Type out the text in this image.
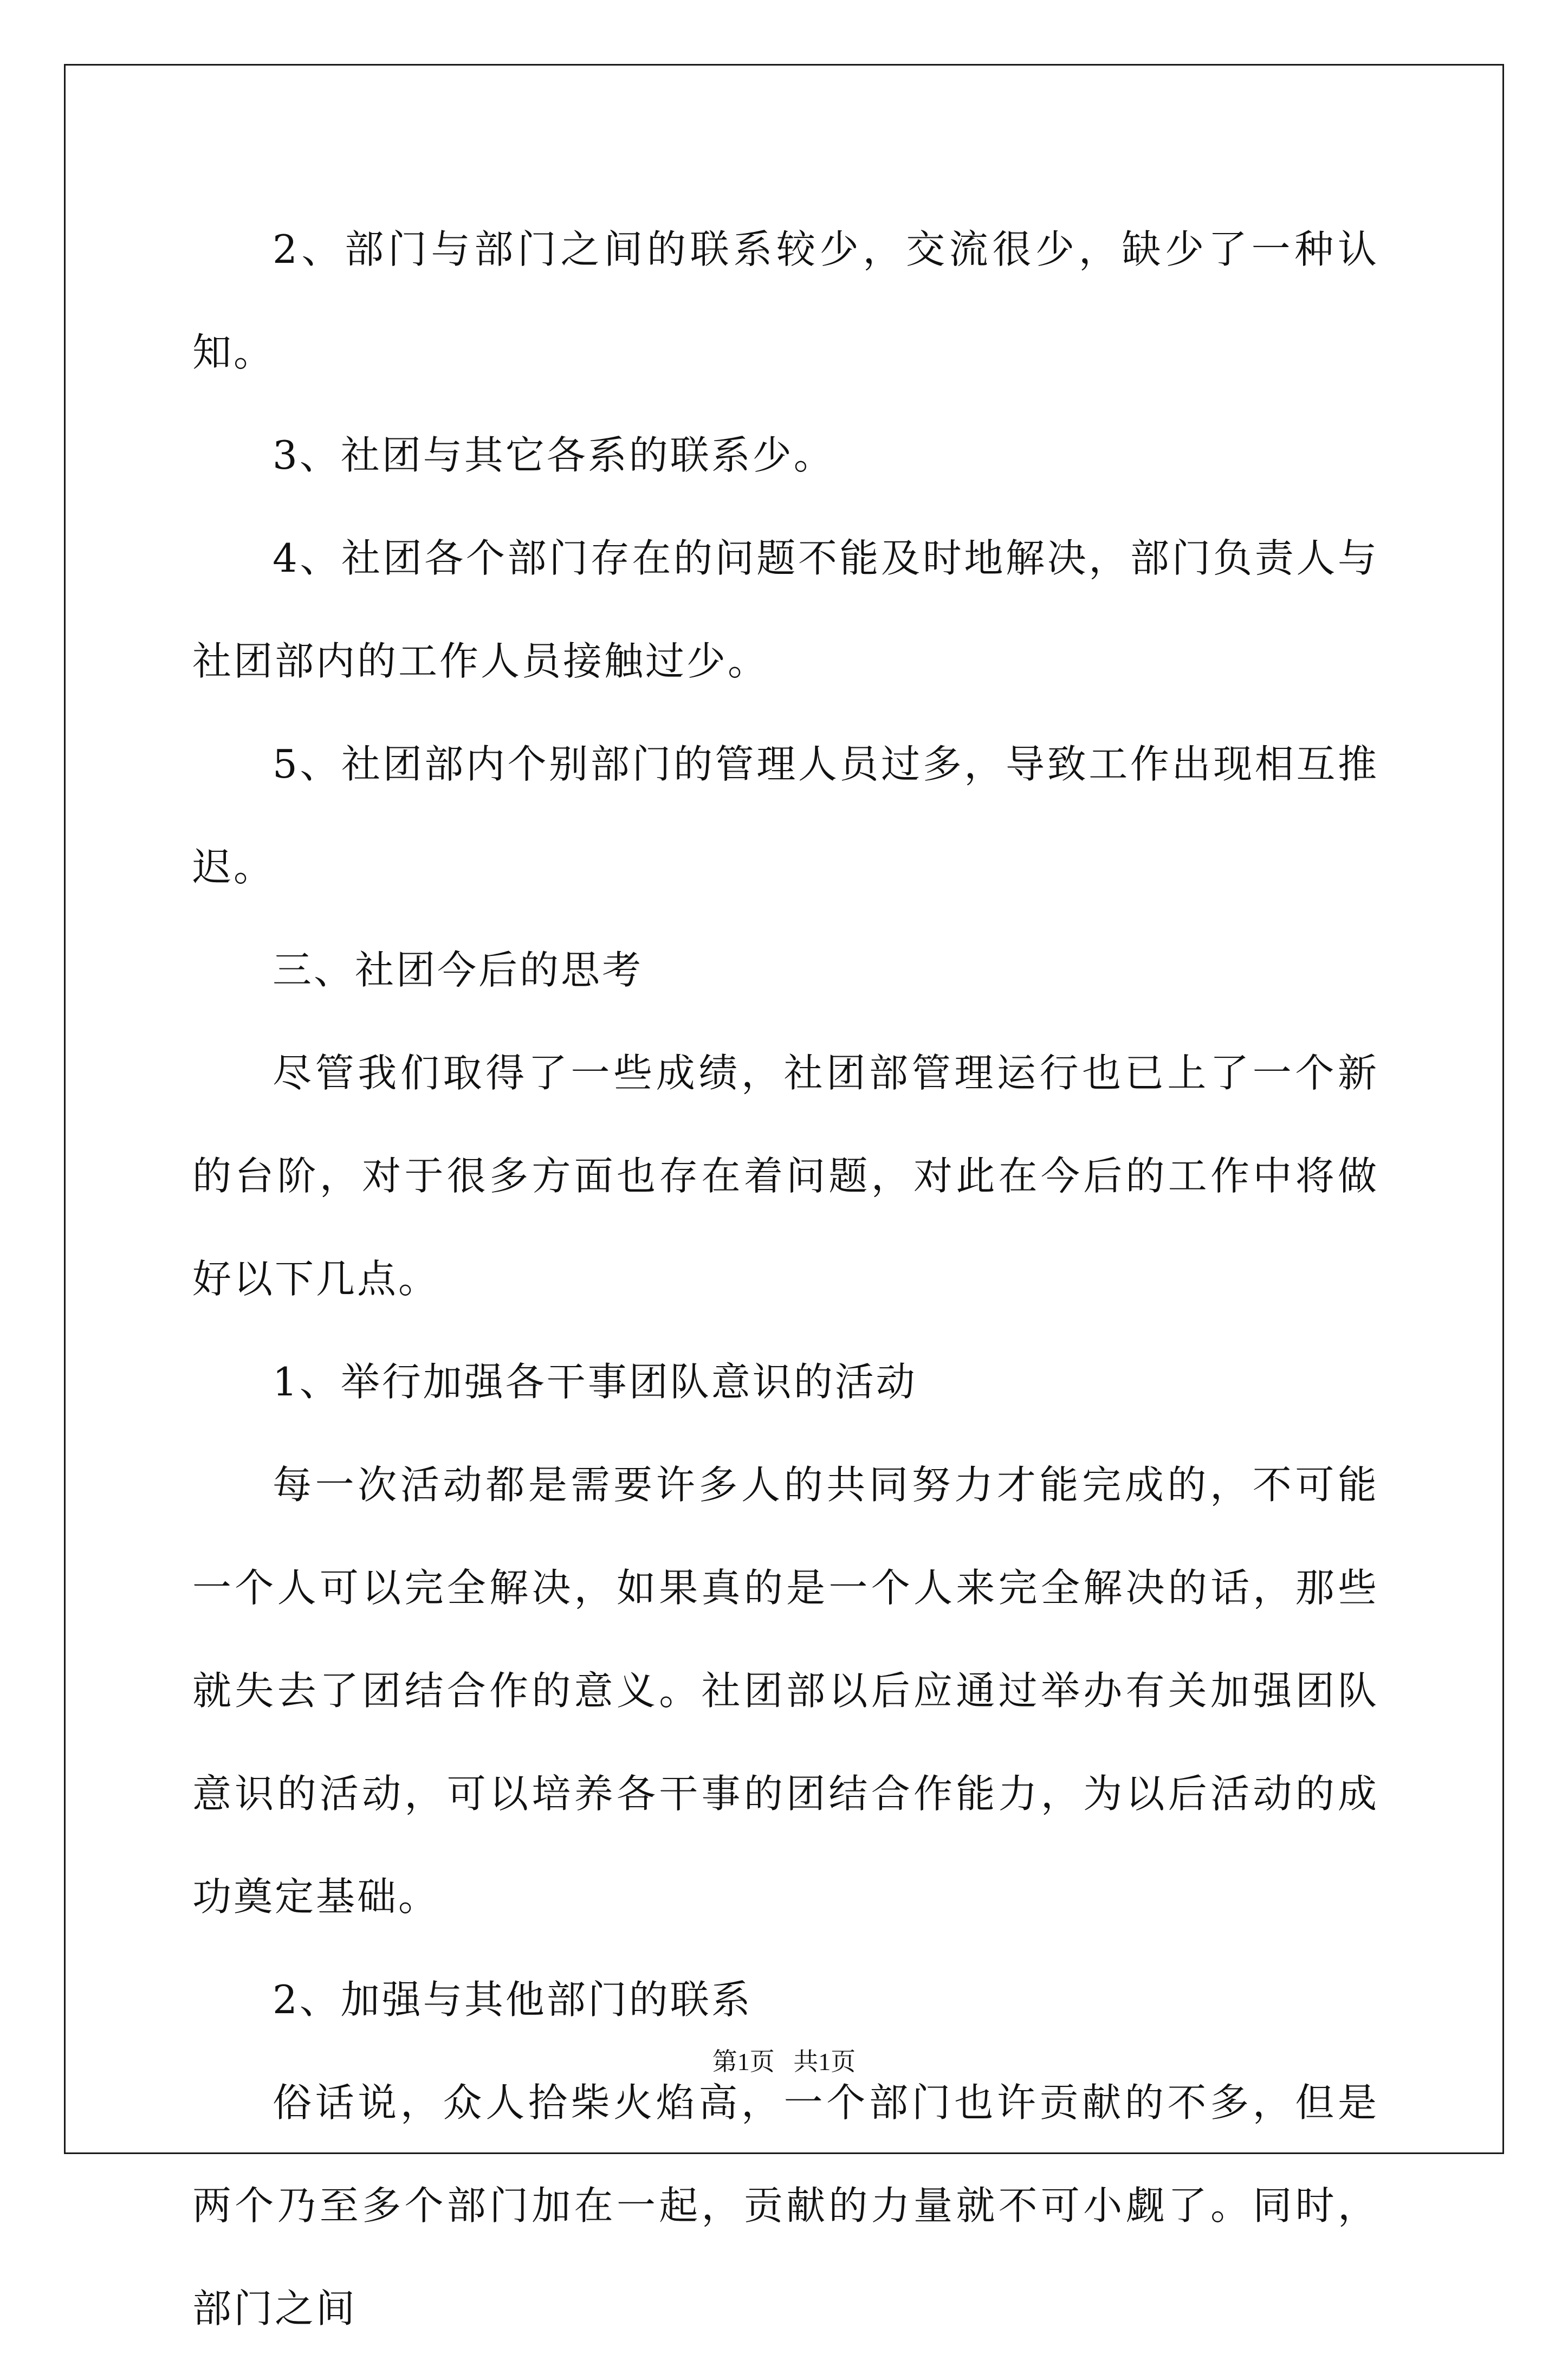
2、部门与部门之间的联系较少，交流很少，缺少了一种认知。

3、社团与其它各系的联系少。

4、社团各个部门存在的问题不能及时地解决，部门负责人与社团部内的工作人员接触过少。

5、社团部内个别部门的管理人员过多，导致工作出现相互推迟。

三、社团今后的思考

尽管我们取得了一些成绩，社团部管理运行也已上了一个新的台阶，对于很多方面也存在着问题，对此在今后的工作中将做好以下几点。

1、举行加强各干事团队意识的活动

每一次活动都是需要许多人的共同努力才能完成的，不可能一个人可以完全解决，如果真的是一个人来完全解决的话，那些就失去了团结合作的意义。社团部以后应通过举办有关加强团队意识的活动，可以培养各干事的团结合作能力，为以后活动的成功奠定基础。

2、加强与其他部门的联系

俗话说，众人拾柴火焰高，一个部门也许贡献的不多，但是两个乃至多个部门加在一起，贡献的力量就不可小觑了。同时，部门之间

第1页   共1页
